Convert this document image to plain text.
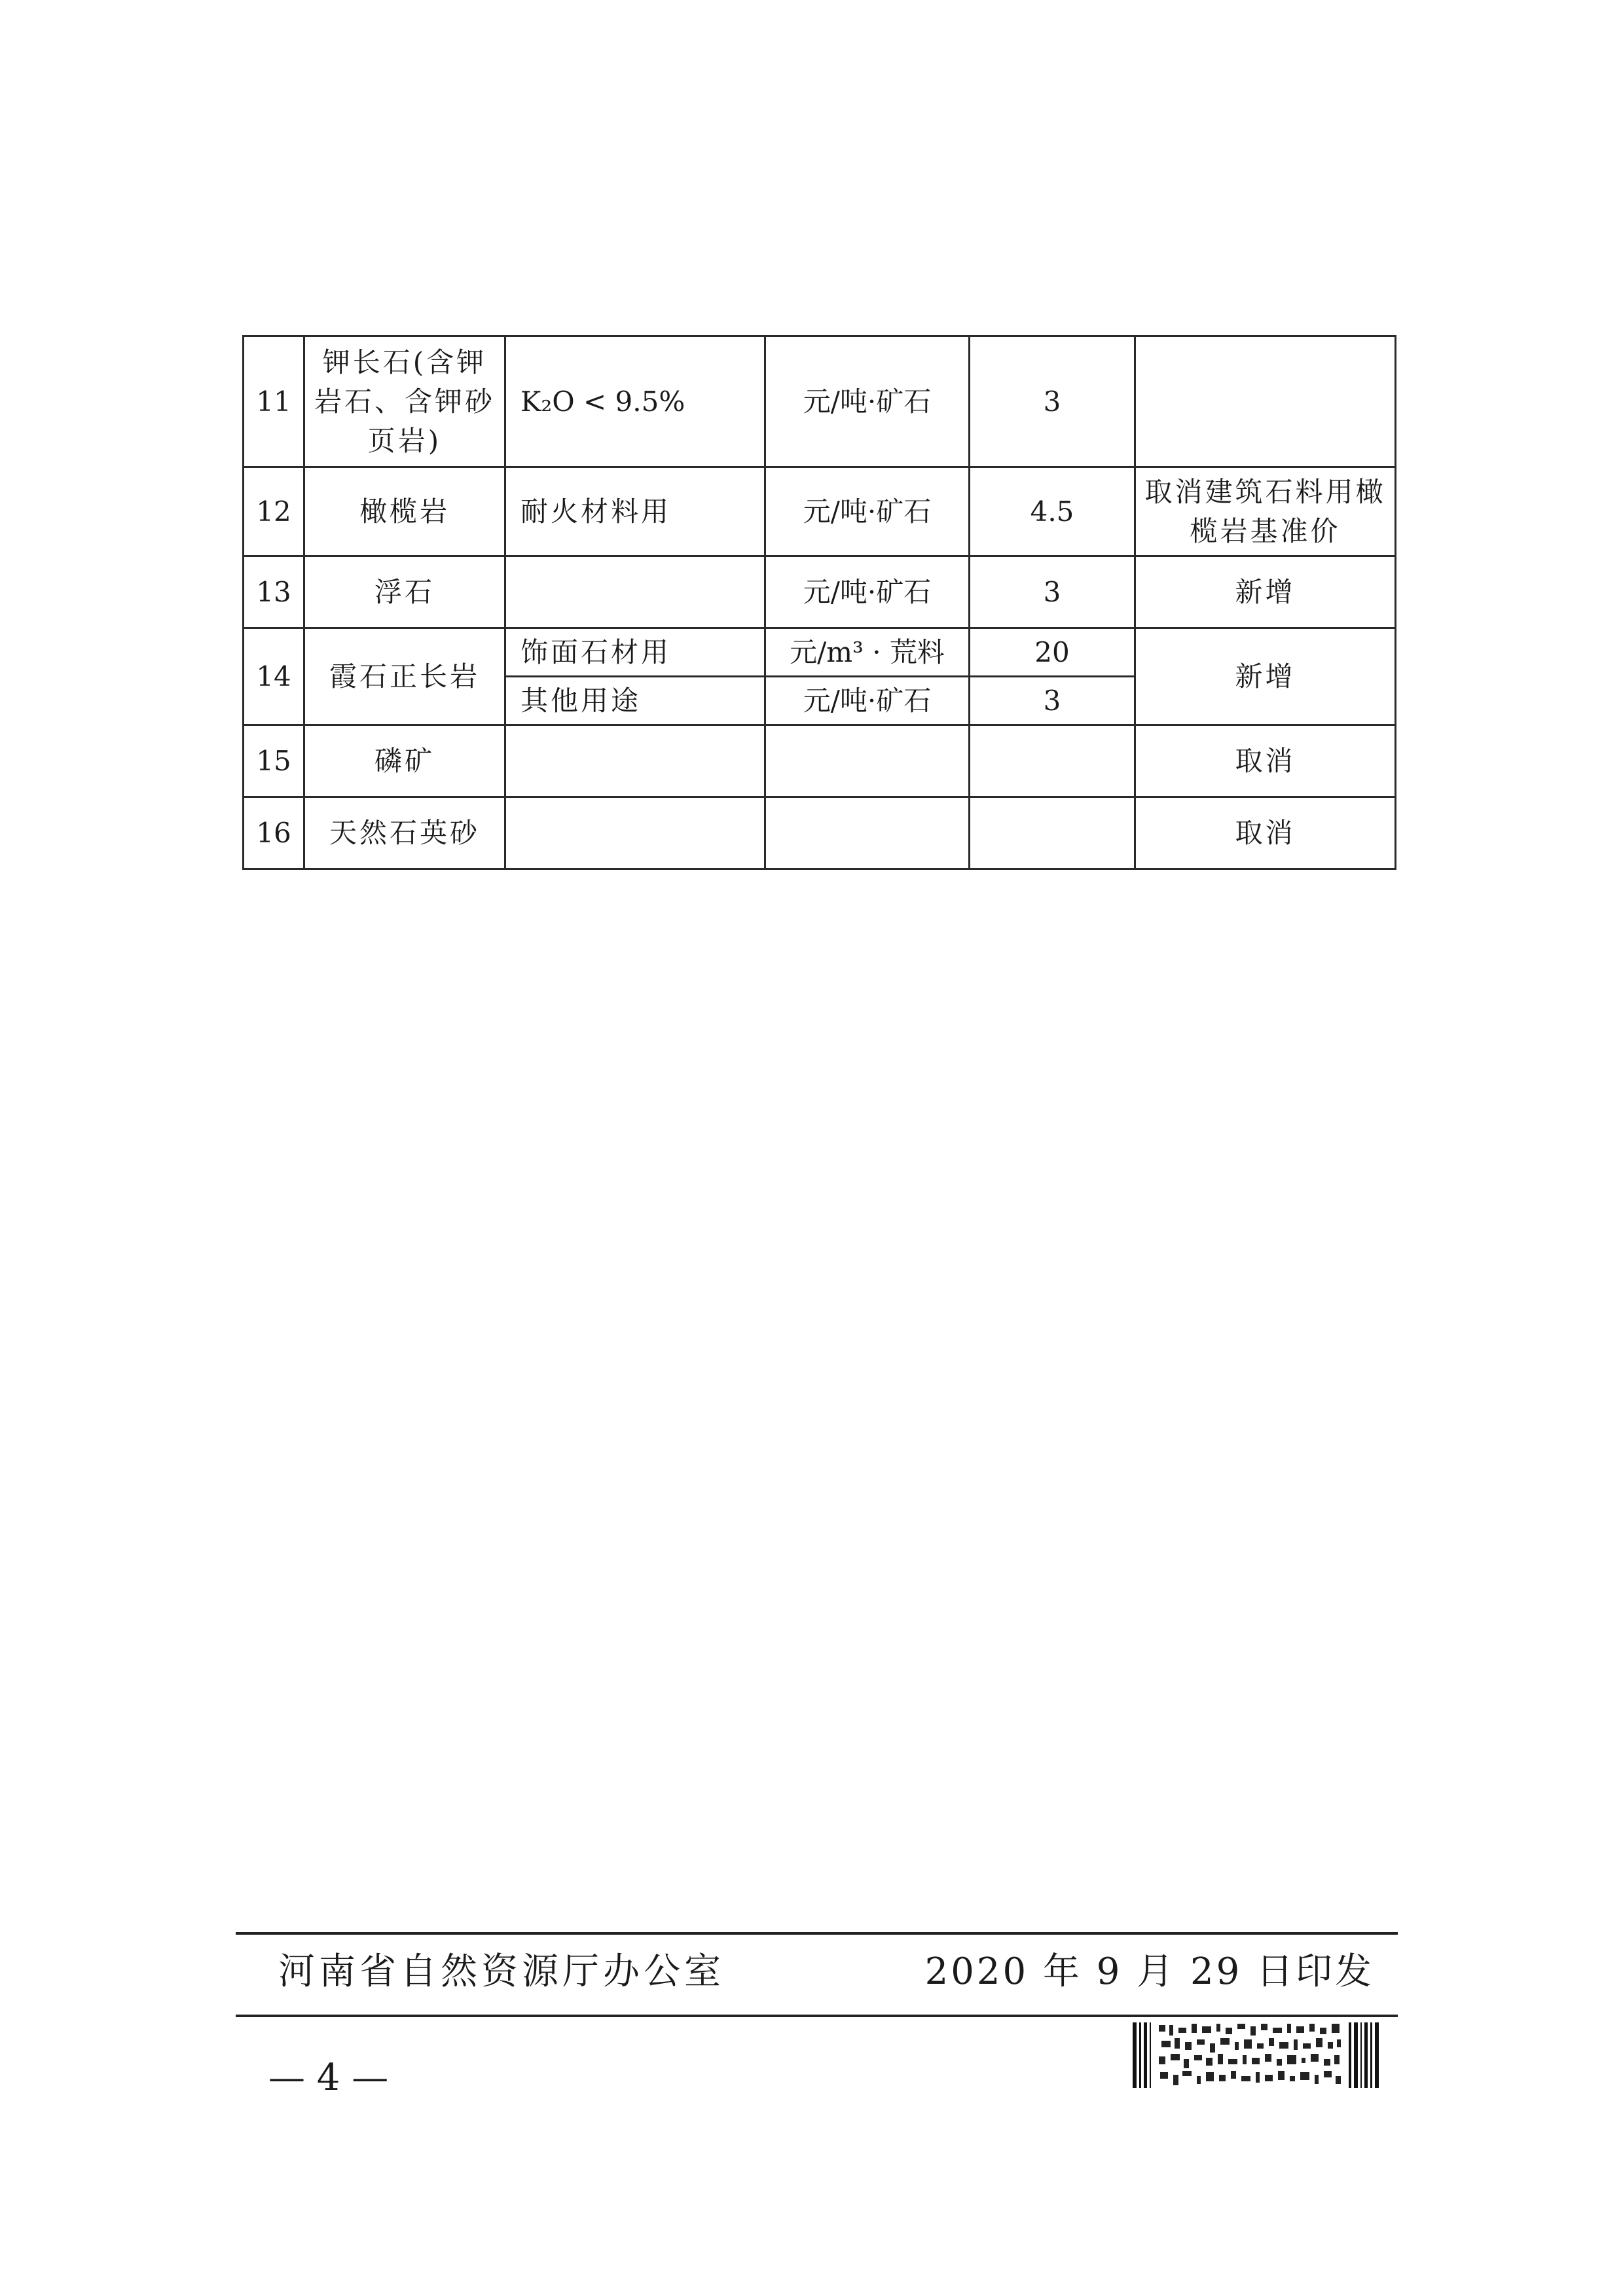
11	钾长石(含钾岩石、含钾砂页岩)	K₂O < 9.5%	元/吨·矿石	3	
12	橄榄岩	耐火材料用	元/吨·矿石	4.5	取消建筑石料用橄榄岩基准价
13	浮石		元/吨·矿石	3	新增
14	霞石正长岩	饰面石材用	元/m³ · 荒料	20	新增
		其他用途	元/吨·矿石	3	
15	磷矿				取消
16	天然石英砂				取消
河南省自然资源厅办公室	2020 年 9 月 29 日印发
— 4 —
